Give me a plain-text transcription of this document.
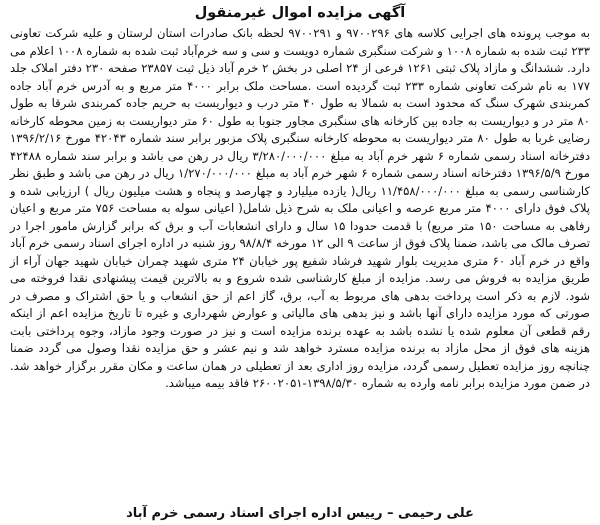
آگهی مزایده اموال غیرمنقول

به موجب پرونده های اجرایی کلاسه های ۹۷۰۰۲۹۶ و ۹۷۰۰۲۹۱ لحظه بانک صادرات استان لرستان و علیه شرکت تعاونی ۲۳۳ ثبت شده به شماره ۱۰۰۸ و شرکت سنگبری شماره دویست و سی و سه خرم‌آباد ثبت شده به شماره ۱۰۰۸ اعلام می دارد. ششدانگ و مازاد پلاک ثبتی ۱۲۶۱ فرعی از ۲۴ اصلی در بخش ۲ خرم آباد ذیل ثبت ۲۳۸۵۷ صفحه ۲۳۰ دفتر املاک جلد ۱۷۷ به نام شرکت تعاونی شماره ۲۳۳ ثبت گردیده است .مساحت ملک برابر ۴۰۰۰ متر مربع و به آدرس خرم آباد جاده کمربندی شهرک سنگ که محدود است به شمالا به طول ۴۰ متر درب و دیواریست به حریم جاده کمربندی شرقا به طول ۸۰ متر در و دیواریست به جاده بین کارخانه های سنگبری مجاور جنوبا به طول ۶۰ متر دیواریست به زمین محوطه کارخانه رضایی غربا به طول ۸۰ متر دیواریست به محوطه کارخانه سنگبری پلاک مزبور برابر سند شماره ۴۲۰۴۳ مورخ ۱۳۹۶/۲/۱۶ دفترخانه اسناد رسمی شماره ۶ شهر خرم آباد به مبلغ ۳/۲۸۰/۰۰۰/۰۰۰ ریال در رهن می باشد و برابر سند شماره ۴۲۴۸۸ مورخ ۱۳۹۶/۵/۹ دفترخانه اسناد رسمی شماره ۶ شهر خرم آباد به مبلغ ۱/۲۷۰/۰۰۰/۰۰۰ ریال در رهن می باشد و طبق نظر کارشناسی رسمی به مبلغ ۱۱/۴۵۸/۰۰۰/۰۰۰ ریال( یازده میلیارد و چهارصد و پنجاه و هشت میلیون ریال ) ارزیابی شده و پلاک فوق دارای ۴۰۰۰ متر مربع عرصه و اعیانی ملک به شرح ذیل شامل( اعیانی سوله به مساحت ۷۵۶ متر مربع و اعیان رفاهی به مساحت ۱۵۰ متر مربع) با قدمت حدودا ۱۵ سال و دارای انشعابات آب و برق که برابر گزارش مامور اجرا در تصرف مالک می باشد، ضمنا پلاک فوق از ساعت ۹ الی ۱۲ مورخه ۹۸/۸/۴ روز شنبه در اداره اجرای اسناد رسمی خرم آباد واقع در خرم آباد ۶۰ متری مدیریت بلوار شهید فرشاد شفیع پور خیابان ۲۴ متری شهید چمران خیابان شهید جهان آراء از طریق مزایده به فروش می رسد. مزایده از مبلغ کارشناسی شده شروع و به بالاترین قیمت پیشنهادی نقدا فروخته می شود. لازم به ذکر است پرداخت بدهی های مربوط به آب، برق، گاز اعم از حق انشعاب و یا حق اشتراک و مصرف در صورتی که مورد مزایده دارای آنها باشد و نیز بدهی های مالیاتی و عوارض شهرداری و غیره تا تاریخ مزایده اعم از اینکه رقم قطعی آن معلوم شده یا نشده باشد به عهده برنده مزایده است و نیز در صورت وجود مازاد، وجوه پرداختی بابت هزینه های فوق از محل مازاد به برنده مزایده مسترد خواهد شد و نیم عشر و حق مزایده نقدا وصول می گردد ضمنا چنانچه روز مزایده تعطیل رسمی گردد، مزایده روز اداری بعد از تعطیلی در همان ساعت و مکان مقرر برگزار خواهد شد. در ضمن مورد مزایده برابر نامه وارده به شماره ۱۳۹۸/۵/۳۰-۲۶۰۰۲۰۵۱ فاقد بیمه میباشد.

علی رحیمی – رییس اداره اجرای اسناد رسمی خرم آباد
